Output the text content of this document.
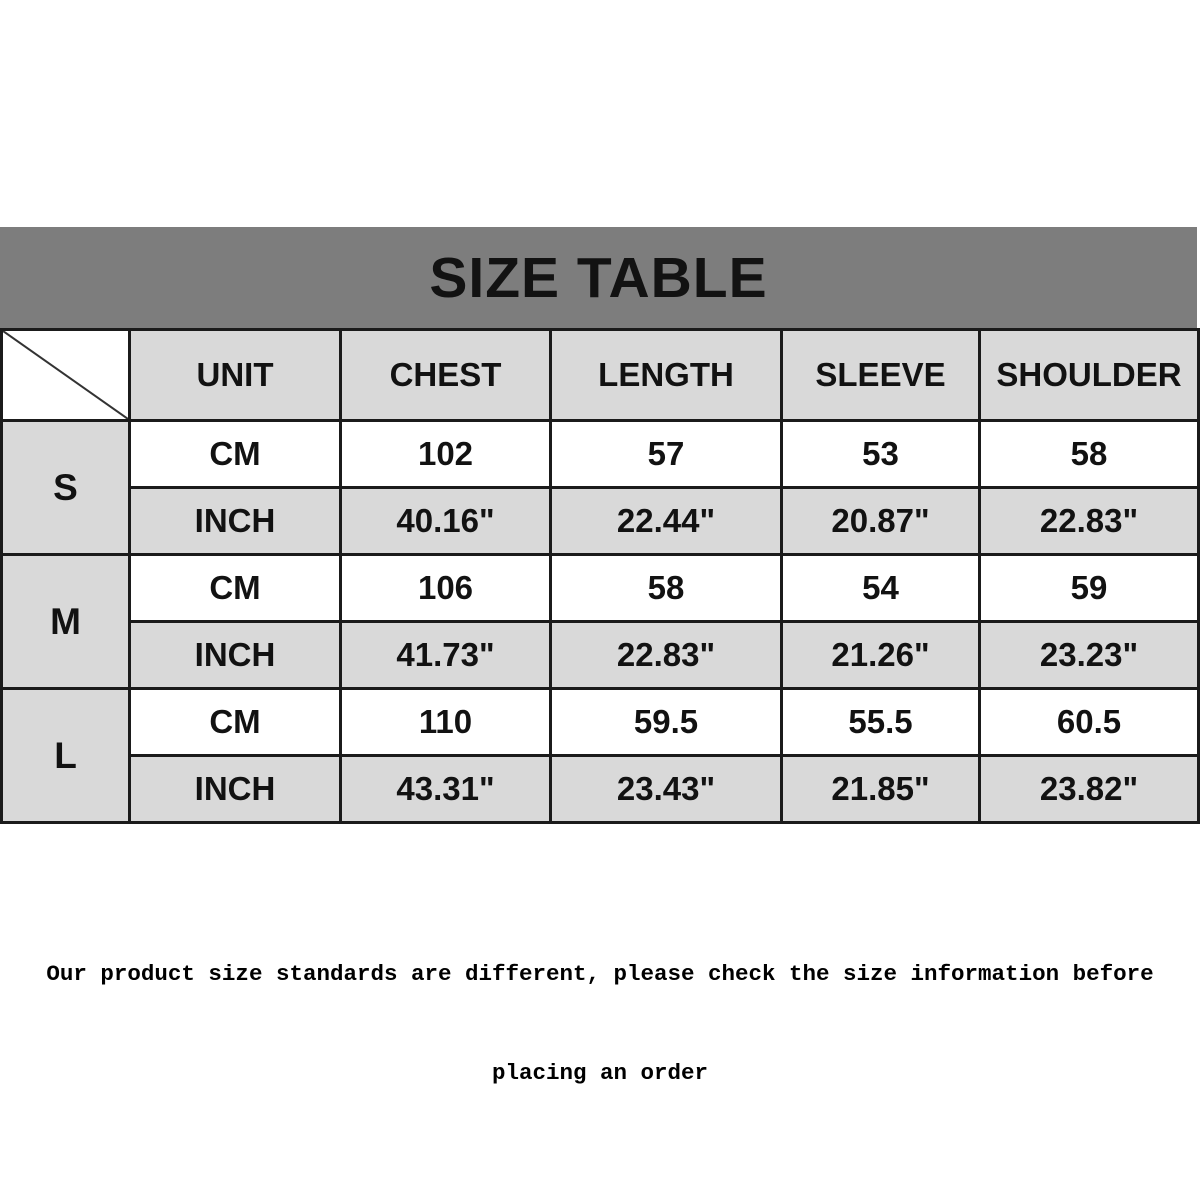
SIZE TABLE
	UNIT	CHEST	LENGTH	SLEEVE	SHOULDER
S	CM	102	57	53	58
	INCH	40.16"	22.44"	20.87"	22.83"
M	CM	106	58	54	59
	INCH	41.73"	22.83"	21.26"	23.23"
L	CM	110	59.5	55.5	60.5
	INCH	43.31"	23.43"	21.85"	23.82"

Our product size standards are different, please check the size information before

placing an order
